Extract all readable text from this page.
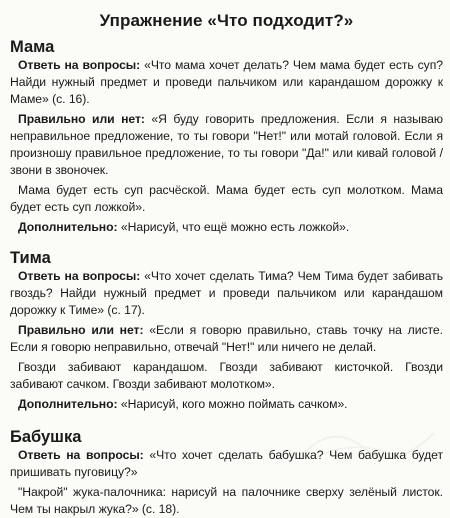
Упражнение «Что подходит?»
Мама

Ответь на вопросы: «Что мама хочет делать? Чем мама будет есть суп? Найди нужный предмет и проведи пальчиком или карандашом дорожку к Маме» (с. 16).

Правильно или нет: «Я буду говорить предложения. Если я называю неправильное предложение, то ты говори "Нет!" или мотай головой. Если я произношу правильное предложение, то ты говори "Да!" или кивай головой / звони в звоночек.

Мама будет есть суп расчёской. Мама будет есть суп молотком. Мама будет есть суп ложкой».

Дополнительно: «Нарисуй, что ещё можно есть ложкой».

Тима

Ответь на вопросы: «Что хочет сделать Тима? Чем Тима будет забивать гвоздь? Найди нужный предмет и проведи пальчиком или карандашом дорожку к Тиме» (с. 17).

Правильно или нет: «Если я говорю правильно, ставь точку на листе. Если я говорю неправильно, отвечай "Нет!" или ничего не делай.

Гвозди забивают карандашом. Гвозди забивают кисточкой. Гвозди забивают сачком. Гвозди забивают молотком».

Дополнительно: «Нарисуй, кого можно поймать сачком».

Бабушка

Ответь на вопросы: «Что хочет сделать бабушка? Чем бабушка будет пришивать пуговицу?»

"Накрой" жука-палочника: нарисуй на палочнике сверху зелёный листок. Чем ты накрыл жука?» (с. 18).
